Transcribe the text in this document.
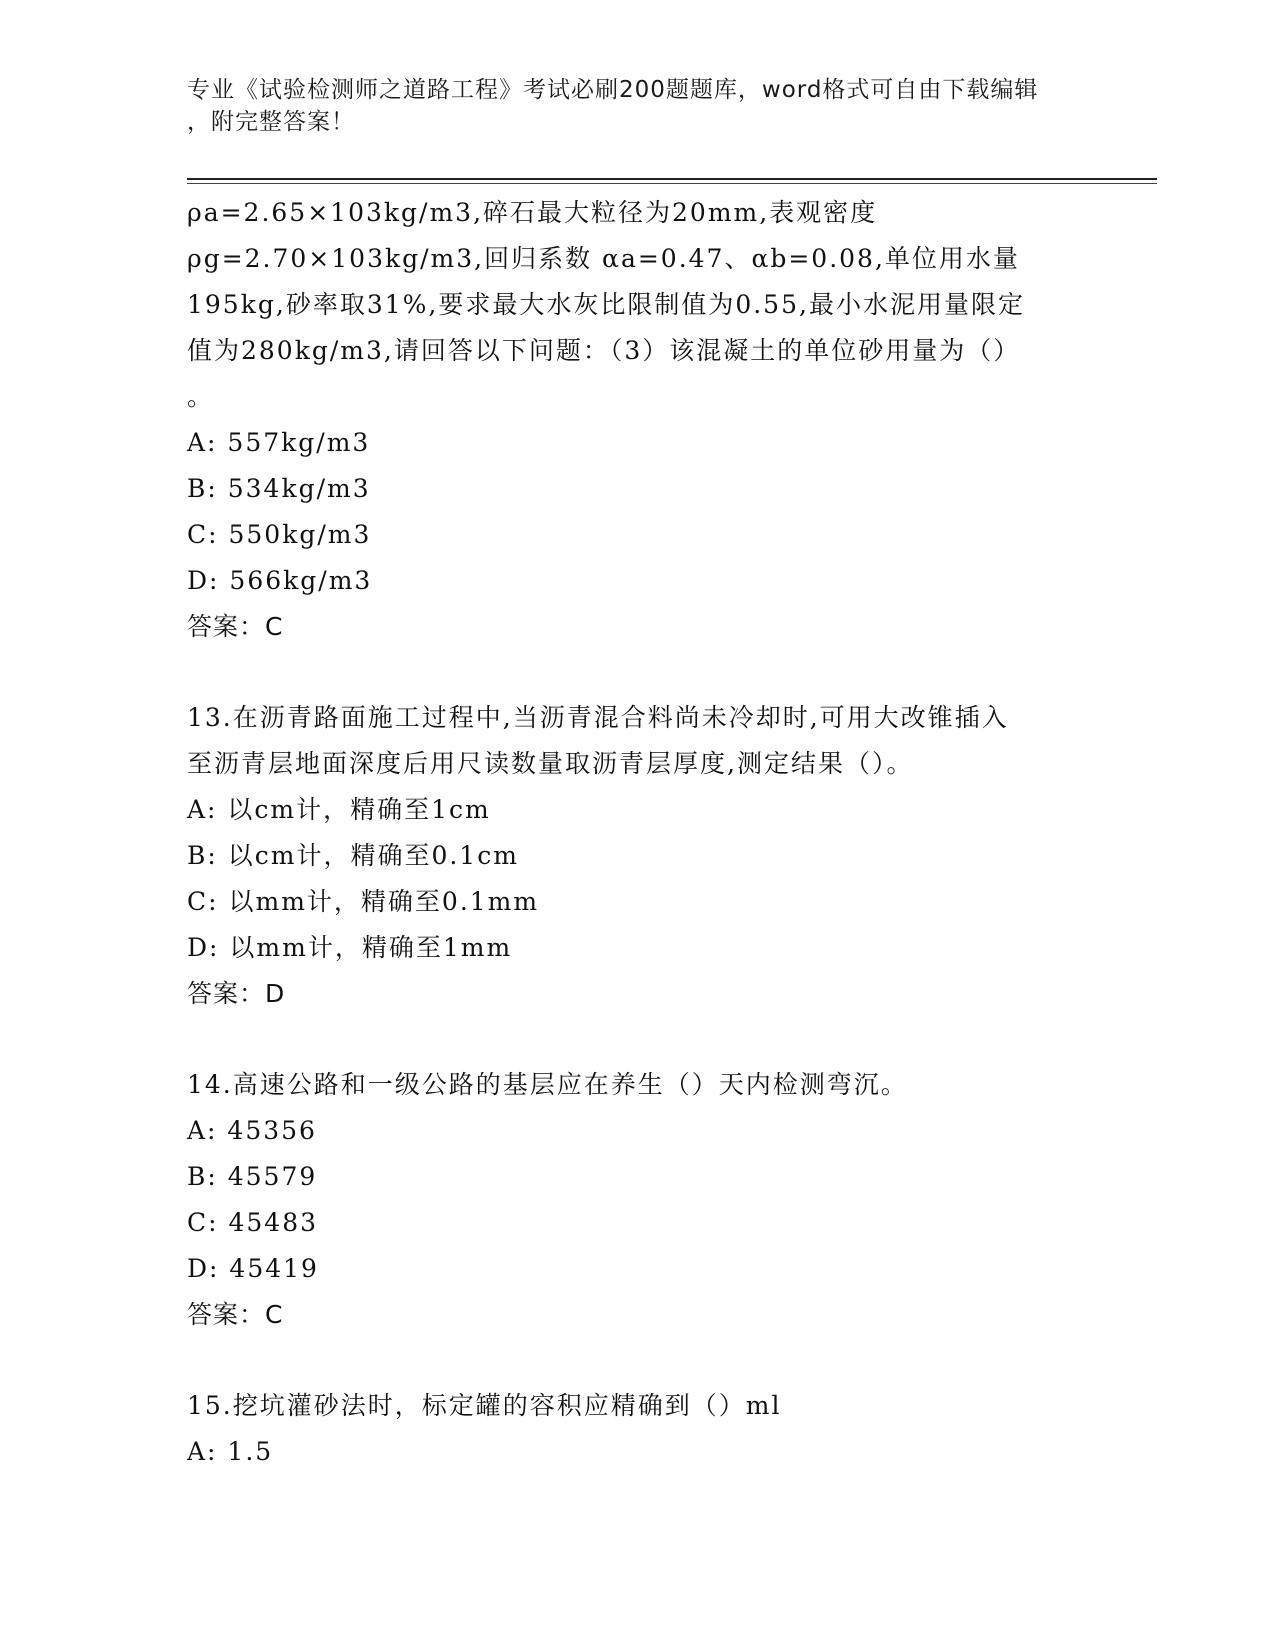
专业《试验检测师之道路工程》考试必刷200题题库，word格式可自由下载编辑
，附完整答案！
ρa=2.65×103kg/m3,碎石最大粒径为20mm,表观密度
ρg=2.70×103kg/m3,回归系数 αa=0.47、αb=0.08,单位用水量
195kg,砂率取31%,要求最大水灰比限制值为0.55,最小水泥用量限定
值为280kg/m3,请回答以下问题：（3）该混凝土的单位砂用量为（）
。
A: 557kg/m3
B: 534kg/m3
C: 550kg/m3
D: 566kg/m3
答案：C
13.在沥青路面施工过程中,当沥青混合料尚未冷却时,可用大改锥插入
至沥青层地面深度后用尺读数量取沥青层厚度,测定结果（）。
A: 以cm计，精确至1cm
B: 以cm计，精确至0.1cm
C: 以mm计，精确至0.1mm
D: 以mm计，精确至1mm
答案：D
14.高速公路和一级公路的基层应在养生（）天内检测弯沉。
A: 45356
B: 45579
C: 45483
D: 45419
答案：C
15.挖坑灌砂法时，标定罐的容积应精确到（）ml
A: 1.5
